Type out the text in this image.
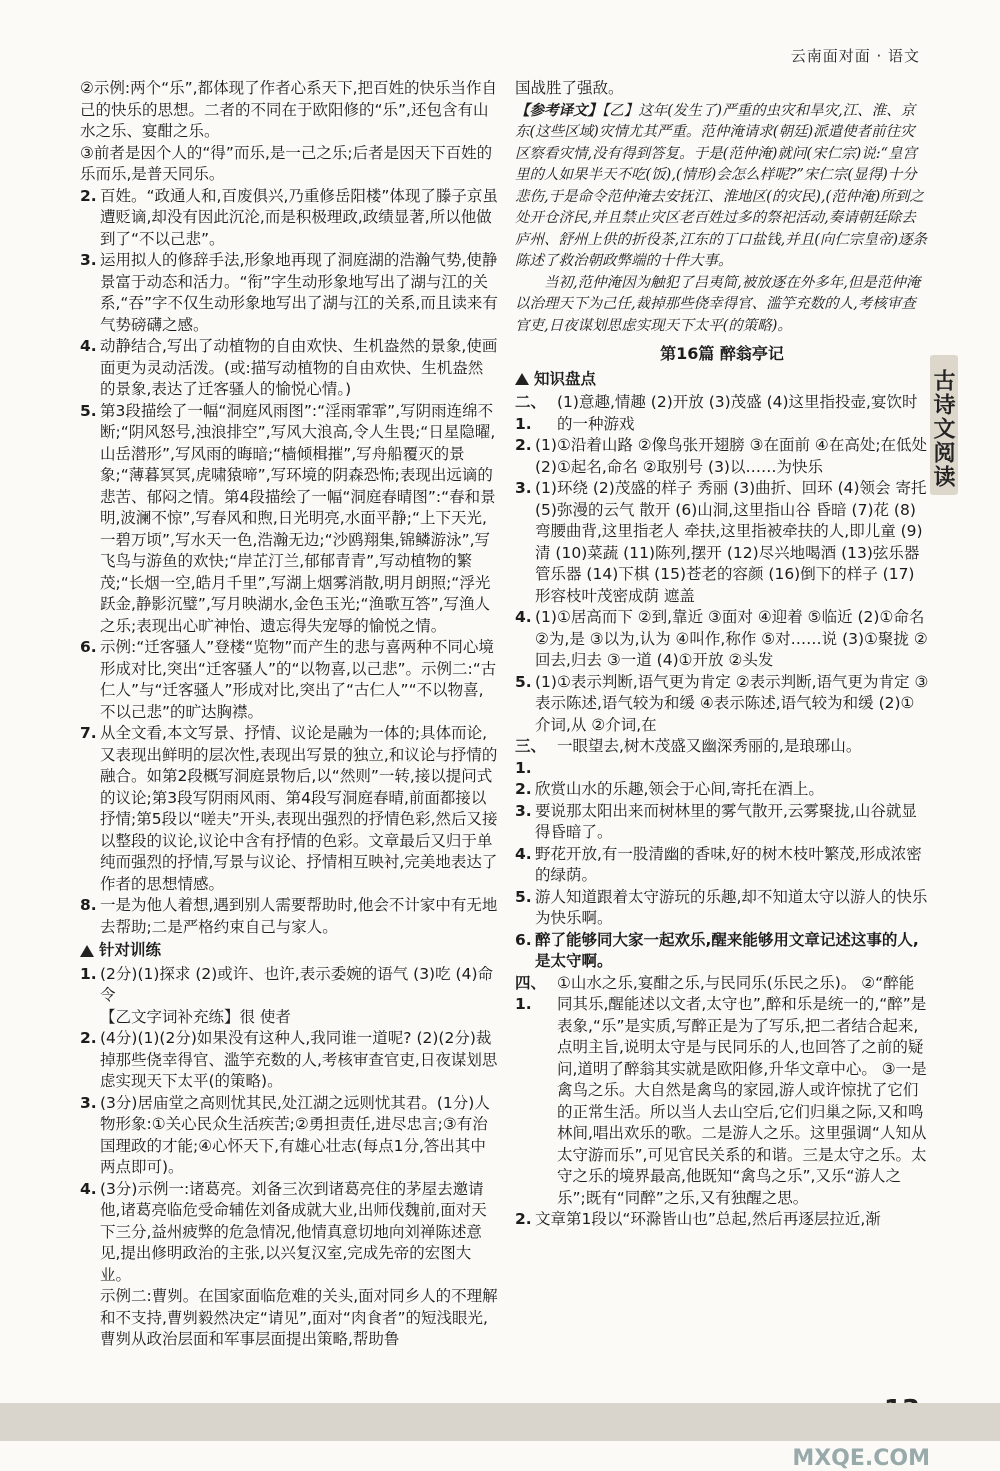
云南面对面 · 语文
古诗文阅读

②示例:两个“乐”,都体现了作者心系天下,把百姓的快乐当作自己的快乐的思想。二者的不同在于欧阳修的“乐”,还包含有山水之乐、宴酣之乐。

③前者是因个人的“得”而乐,是一己之乐;后者是因天下百姓的乐而乐,是普天同乐。

2. 百姓。“政通人和,百废俱兴,乃重修岳阳楼”体现了滕子京虽遭贬谪,却没有因此沉沦,而是积极理政,政绩显著,所以他做到了“不以己悲”。
3. 运用拟人的修辞手法,形象地再现了洞庭湖的浩瀚气势,使静景富于动态和活力。“衔”字生动形象地写出了湖与江的关系,“吞”字不仅生动形象地写出了湖与江的关系,而且读来有气势磅礴之感。
4. 动静结合,写出了动植物的自由欢快、生机盎然的景象,使画面更为灵动活泼。(或:描写动植物的自由欢快、生机盎然的景象,表达了迁客骚人的愉悦心情。)
5. 第3段描绘了一幅“洞庭风雨图”:“淫雨霏霏”,写阴雨连绵不断;“阴风怒号,浊浪排空”,写风大浪高,令人生畏;“日星隐曜,山岳潜形”,写风雨的晦暗;“樯倾楫摧”,写舟船覆灭的景象;“薄暮冥冥,虎啸猿啼”,写环境的阴森恐怖;表现出远谪的悲苦、郁闷之情。第4段描绘了一幅“洞庭春晴图”:“春和景明,波澜不惊”,写春风和煦,日光明亮,水面平静;“上下天光,一碧万顷”,写水天一色,浩瀚无边;“沙鸥翔集,锦鳞游泳”,写飞鸟与游鱼的欢快;“岸芷汀兰,郁郁青青”,写动植物的繁茂;“长烟一空,皓月千里”,写湖上烟雾消散,明月朗照;“浮光跃金,静影沉璧”,写月映湖水,金色玉光;“渔歌互答”,写渔人之乐;表现出心旷神怡、遗忘得失宠辱的愉悦之情。
6. 示例:“迁客骚人”登楼“览物”而产生的悲与喜两种不同心境形成对比,突出“迁客骚人”的“以物喜,以己悲”。示例二:“古仁人”与“迁客骚人”形成对比,突出了“古仁人”“不以物喜,不以己悲”的旷达胸襟。
7. 从全文看,本文写景、抒情、议论是融为一体的;具体而论,又表现出鲜明的层次性,表现出写景的独立,和议论与抒情的融合。如第2段概写洞庭景物后,以“然则”一转,接以提问式的议论;第3段写阴雨风雨、第4段写洞庭春晴,前面都接以抒情;第5段以“嗟夫”开头,表现出强烈的抒情色彩,然后又接以整段的议论,议论中含有抒情的色彩。文章最后又归于单纯而强烈的抒情,写景与议论、抒情相互映衬,完美地表达了作者的思想情感。
8. 一是为他人着想,遇到别人需要帮助时,他会不计家中有无地去帮助;二是严格约束自己与家人。
针对训练
1. (2分)(1)探求 (2)或许、也许,表示委婉的语气 (3)吃 (4)命令
【乙文字词补充练】很 使者
2. (4分)(1)(2分)如果没有这种人,我同谁一道呢? (2)(2分)裁掉那些侥幸得官、滥竽充数的人,考核审查官吏,日夜谋划思虑实现天下太平(的策略)。
3. (3分)居庙堂之高则忧其民,处江湖之远则忧其君。(1分)人物形象:①关心民众生活疾苦;②勇担责任,进尽忠言;③有治国理政的才能;④心怀天下,有雄心壮志(每点1分,答出其中两点即可)。
4. (3分)示例一:诸葛亮。刘备三次到诸葛亮住的茅屋去邀请他,诸葛亮临危受命辅佐刘备成就大业,出师伐魏前,面对天下三分,益州疲弊的危急情况,他情真意切地向刘禅陈述意见,提出修明政治的主张,以兴复汉室,完成先帝的宏图大业。
示例二:曹刿。在国家面临危难的关头,面对同乡人的不理解和不支持,曹刿毅然决定“请见”,面对“肉食者”的短浅眼光,曹刿从政治层面和军事层面提出策略,帮助鲁

国战胜了强敌。

【参考译文】【乙】这年(发生了)严重的虫灾和旱灾,江、淮、京东(这些区域)灾情尤其严重。范仲淹请求(朝廷)派遣使者前往灾区察看灾情,没有得到答复。于是(范仲淹)就问(宋仁宗)说:“皇宫里的人如果半天不吃(饭),(情形)会怎么样呢?”宋仁宗(显得)十分悲伤,于是命令范仲淹去安抚江、淮地区(的灾民),(范仲淹)所到之处开仓济民,并且禁止灾区老百姓过多的祭祀活动,奏请朝廷除去庐州、舒州上供的折役茶,江东的丁口盐钱,并且(向仁宗皇帝)逐条陈述了救治朝政弊端的十件大事。

当初,范仲淹因为触犯了吕夷简,被放逐在外多年,但是范仲淹以治理天下为己任,裁掉那些侥幸得官、滥竽充数的人,考核审查官吏,日夜谋划思虑实现天下太平(的策略)。

第16篇 醉翁亭记
知识盘点
二、1.
(1)意趣,情趣 (2)开放 (3)茂盛 (4)这里指投壶,宴饮时的一种游戏
2. (1)①沿着山路 ②像鸟张开翅膀 ③在面前 ④在高处;在低处 (2)①起名,命名 ②取别号 (3)以……为快乐
3. (1)环绕 (2)茂盛的样子 秀丽 (3)曲折、回环 (4)领会 寄托 (5)弥漫的云气 散开 (6)山洞,这里指山谷 昏暗 (7)花 (8)弯腰曲背,这里指老人 牵扶,这里指被牵扶的人,即儿童 (9)清 (10)菜蔬 (11)陈列,摆开 (12)尽兴地喝酒 (13)弦乐器 管乐器 (14)下棋 (15)苍老的容颜 (16)倒下的样子 (17)形容枝叶茂密成荫 遮盖
4. (1)①居高而下 ②到,靠近 ③面对 ④迎着 ⑤临近 (2)①命名 ②为,是 ③以为,认为 ④叫作,称作 ⑤对……说 (3)①聚拢 ②回去,归去 ③一道 (4)①开放 ②头发
5. (1)①表示判断,语气更为肯定 ②表示判断,语气更为肯定 ③表示陈述,语气较为和缓 ④表示陈述,语气较为和缓 (2)①介词,从 ②介词,在
三、1.
一眼望去,树木茂盛又幽深秀丽的,是琅琊山。
2. 欣赏山水的乐趣,领会于心间,寄托在酒上。
3. 要说那太阳出来而树林里的雾气散开,云雾聚拢,山谷就显得昏暗了。
4. 野花开放,有一股清幽的香味,好的树木枝叶繁茂,形成浓密的绿荫。
5. 游人知道跟着太守游玩的乐趣,却不知道太守以游人的快乐为快乐啊。
6. 醉了能够同大家一起欢乐,醒来能够用文章记述这事的人,是太守啊。
四、1.
①山水之乐,宴酣之乐,与民同乐(乐民之乐)。 ②“醉能同其乐,醒能述以文者,太守也”,醉和乐是统一的,“醉”是表象,“乐”是实质,写醉正是为了写乐,把二者结合起来,点明主旨,说明太守是与民同乐的人,也回答了之前的疑问,道明了醉翁其实就是欧阳修,升华文章中心。 ③一是禽鸟之乐。大自然是禽鸟的家园,游人或许惊扰了它们的正常生活。所以当人去山空后,它们归巢之际,又和鸣林间,唱出欢乐的歌。二是游人之乐。这里强调“人知从太守游而乐”,可见官民关系的和谐。三是太守之乐。太守之乐的境界最高,他既知“禽鸟之乐”,又乐“游人之乐”;既有“同醉”之乐,又有独醒之思。
2. 文章第1段以“环滁皆山也”总起,然后再逐层拉近,渐
MXQE.COM
